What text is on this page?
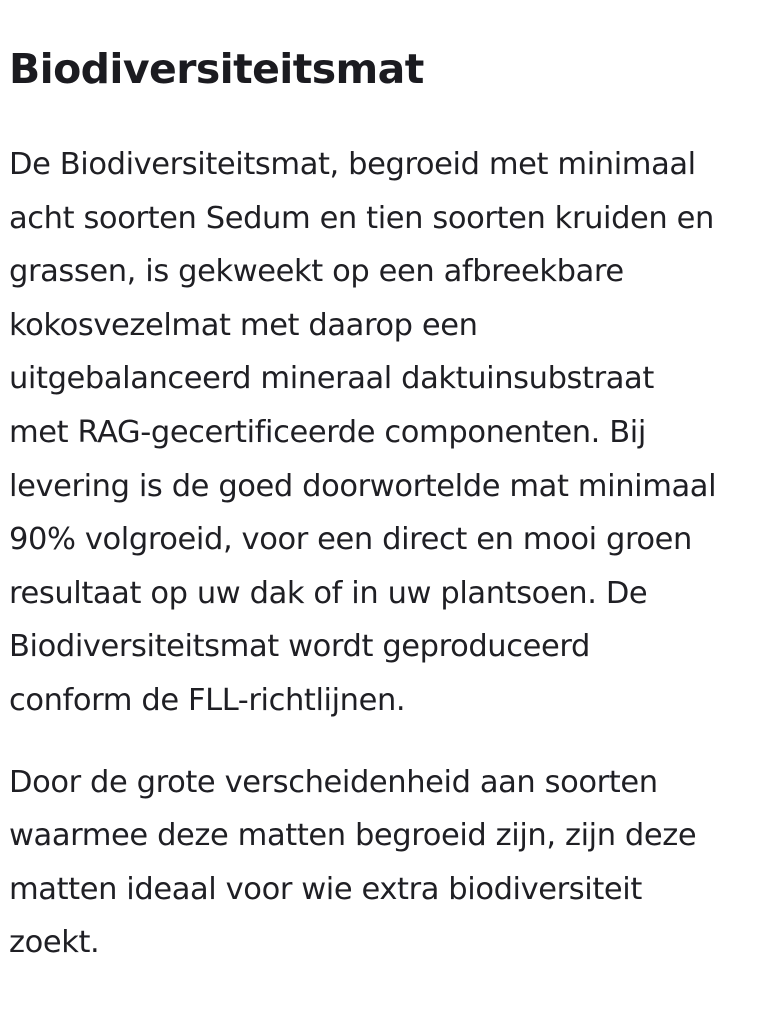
Biodiversiteitsmat

De Biodiversiteitsmat, begroeid met minimaal
acht soorten Sedum en tien soorten kruiden en
grassen, is gekweekt op een afbreekbare
kokosvezelmat met daarop een
uitgebalanceerd mineraal daktuinsubstraat
met RAG-gecertificeerde componenten. Bij
levering is de goed doorwortelde mat minimaal
90% volgroeid, voor een direct en mooi groen
resultaat op uw dak of in uw plantsoen. De
Biodiversiteitsmat wordt geproduceerd
conform de FLL-richtlijnen.

Door de grote verscheidenheid aan soorten
waarmee deze matten begroeid zijn, zijn deze
matten ideaal voor wie extra biodiversiteit
zoekt.
